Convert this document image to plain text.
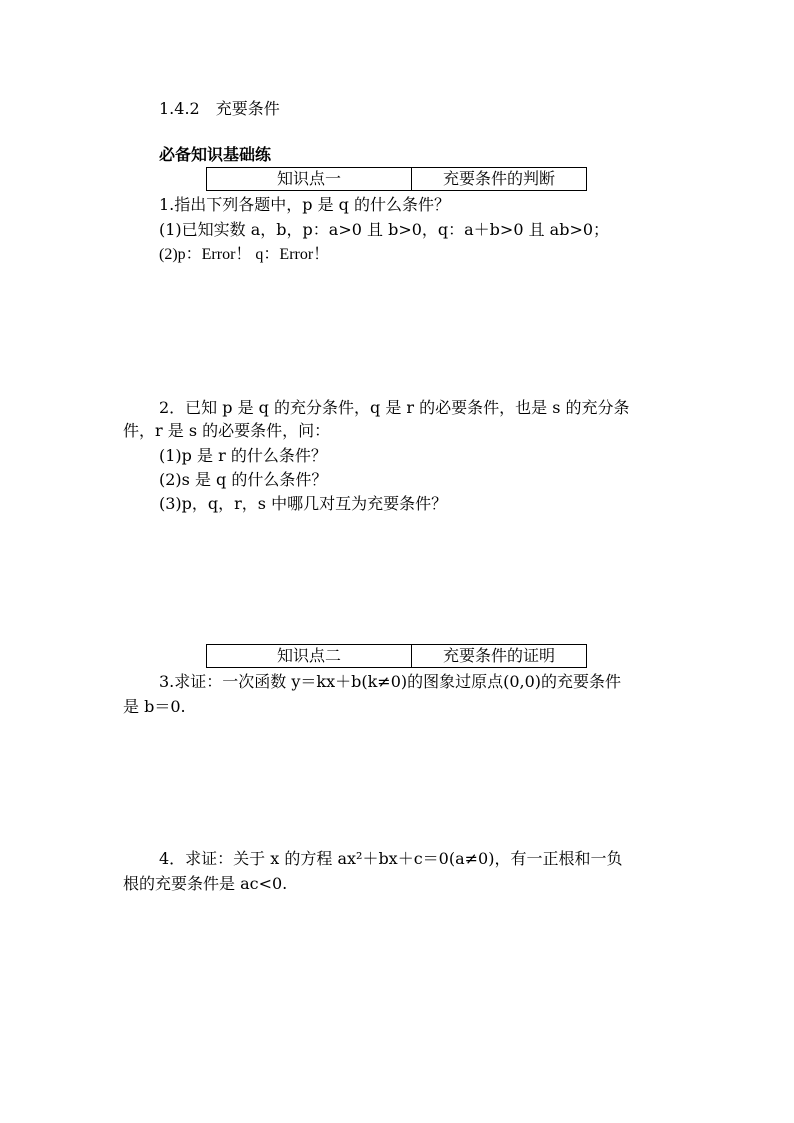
1.4.2　充要条件
必备知识基础练
知识点一	充要条件的判断
1.指出下列各题中，p 是 q 的什么条件？
(1)已知实数 a，b，p：a>0 且 b>0，q：a＋b>0 且 ab>0；
(2)p：Error！ q：Error！
2．已知 p 是 q 的充分条件，q 是 r 的必要条件，也是 s 的充分条
件，r 是 s 的必要条件，问：
(1)p 是 r 的什么条件？
(2)s 是 q 的什么条件？
(3)p，q，r，s 中哪几对互为充要条件？
知识点二	充要条件的证明
3.求证：一次函数 y＝kx＋b(k≠0)的图象过原点(0,0)的充要条件
是 b＝0.
4．求证：关于 x 的方程 ax²＋bx＋c＝0(a≠0)，有一正根和一负
根的充要条件是 ac<0.
